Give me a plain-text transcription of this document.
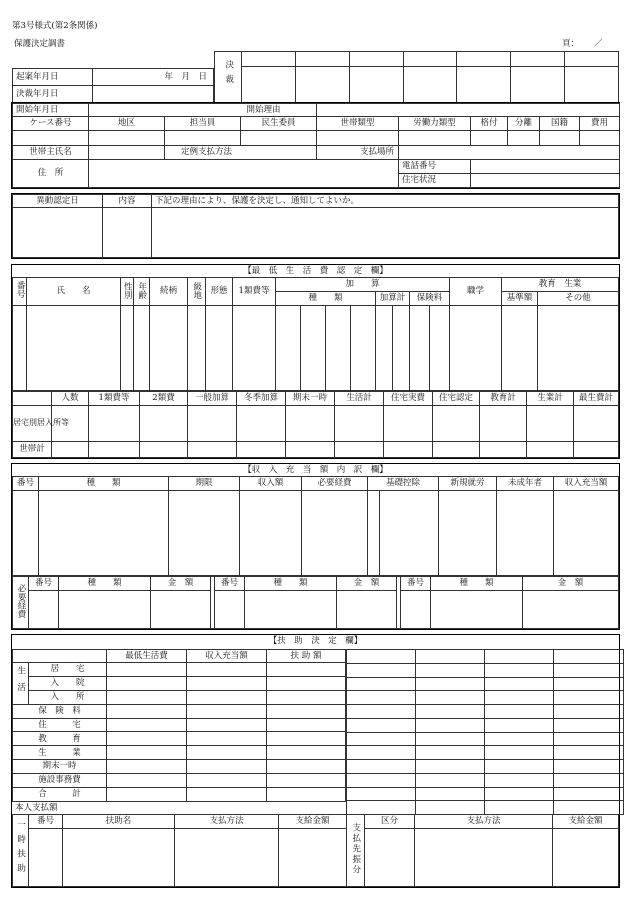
第3号様式(第2条関係)
保護決定調書	頁： ／
起案年月日	年　月　日
決裁年月日	
決裁							

開始年月日			開始理由						
ケース番号	地区	担当員	民生委員	世帯類型	労働力類型	格付	分離	国籍	費用

世帯主氏名		定例支払方法		支払場所					
住　所					電話番号				
					住宅状況				
異動認定日	内容	下記の理由により、保護を決定し、通知してよいか。

【最　低　生　活　費　認　定　欄】
番号	氏　　名	性別	年齢	続柄	級地	形態	1類費等	加　　算								職学	教育　生業	
								種　　類				加算計		保険料			基準額	その他

	人数	1類費等	2類費	一般加算	冬季加算	期末一時	生活計	住宅実費	住宅認定	教育計	生業計	最生費計
居宅別居入所等												
世帯計												
【収　入　充　当　額　内　訳　欄】
番号	種　　類	期限	収入額	必要経費	基礎控除		新規就労	未成年者	収入充当額

必要経費	番号	種　　類	金　額		番号	種　　類	金　額		番号	種　　類	金　額

【扶　助　決　定　欄】
		最低生活費	収入充当額	扶 助 額
生活	居　　宅			
	入　　院			
	入　　所			
保　険　料				
住　　　宅				
教　　　育				
生　　　業				
期末一時				
施設事務費				
合　　　計				

本人支払額
一時扶助	番号	扶助名	支払方法	支給金額	支払先振分	区分	支払方法	支給金額
